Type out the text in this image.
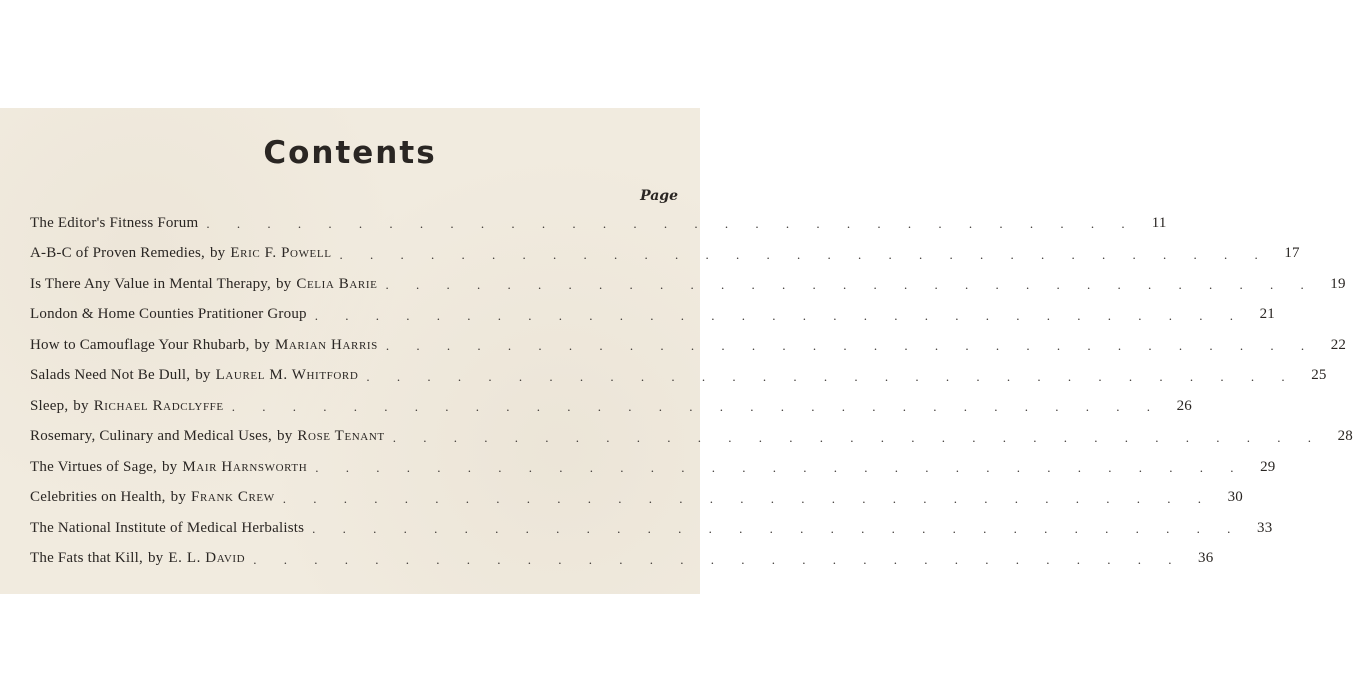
Contents
Page
The Editor's Fitness Forum . . . . . . . . . . . . . . . . . . . . . . . . . . . . . . .	11
A-B-C of Proven Remedies, by Eric F. Powell . . . . . . . . . . . . . . . . . . . . . . . . . . . . . . . 17
Is There Any Value in Mental Therapy, by Celia Barie . . . . . . . . . . . . . . . . . . . . . . . . . . . . . . . 19
London & Home Counties Pratitioner Group . . . . . . . . . . . . . . . . . . . . . . . . . . . . . . . 21
How to Camouflage Your Rhubarb, by Marian Harris . . . . . . . . . . . . . . . . . . . . . . . . . . . . . . . 22
Salads Need Not Be Dull, by Laurel M. Whitford . . . . . . . . . . . . . . . . . . . . . . . . . . . . . . . 25
Sleep, by Richael Radclyffe . . . . . . . . . . . . . . . . . . . . . . . . . . . . . . . 26
Rosemary, Culinary and Medical Uses, by Rose Tenant . . . . . . . . . . . . . . . . . . . . . . . . . . . . . . . 28
The Virtues of Sage, by Mair Harnsworth . . . . . . . . . . . . . . . . . . . . . . . . . . . . . . . 29
Celebrities on Health, by Frank Crew . . . . . . . . . . . . . . . . . . . . . . . . . . . . . . . 30
The National Institute of Medical Herbalists . . . . . . . . . . . . . . . . . . . . . . . . . . . . . . . 33
The Fats that Kill, by E. L. David . . . . . . . . . . . . . . . . . . . . . . . . . . . . . . . 36
